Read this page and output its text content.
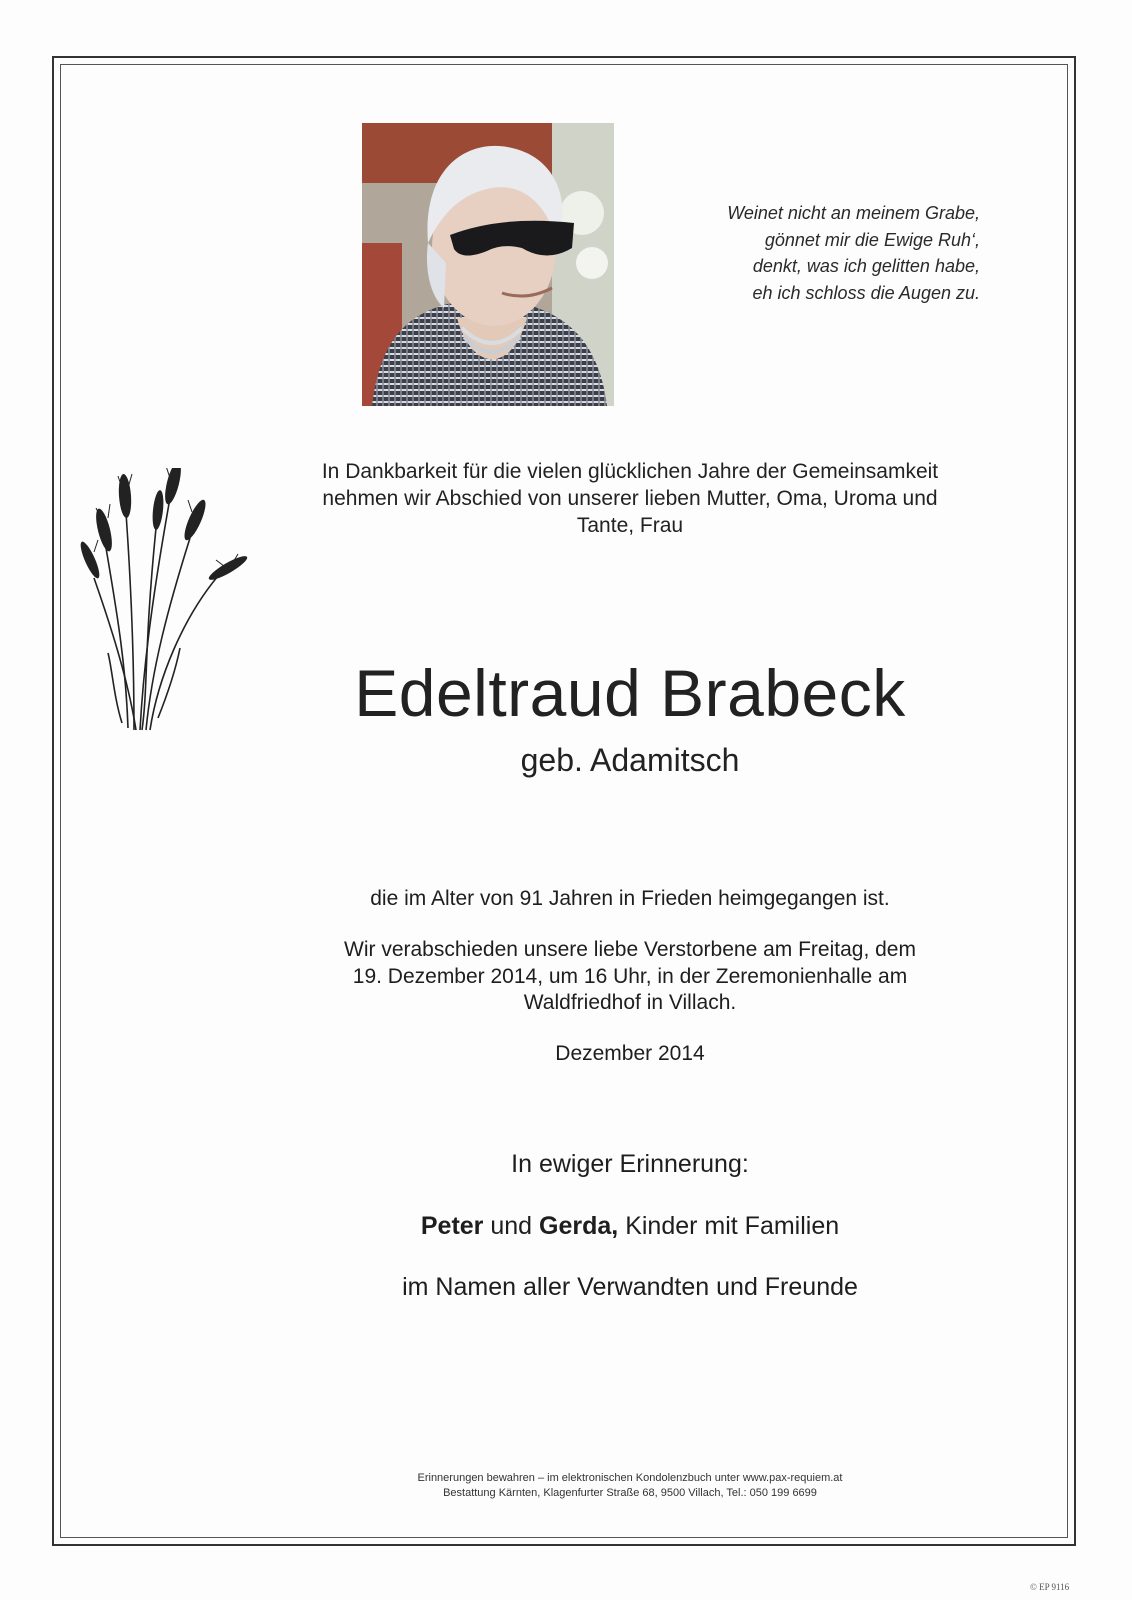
Weinet nicht an meinem Grabe,
gönnet mir die Ewige Ruh‘,
denkt, was ich gelitten habe,
eh ich schloss die Augen zu.
In Dankbarkeit für die vielen glücklichen Jahre der Gemeinsamkeit
nehmen wir Abschied von unserer lieben Mutter, Oma, Uroma und
Tante, Frau
Edeltraud Brabeck
geb. Adamitsch
die im Alter von 91 Jahren in Frieden heimgegangen ist.
Wir verabschieden unsere liebe Verstorbene am Freitag, dem
19. Dezember 2014, um 16 Uhr, in der Zeremonienhalle am
Waldfriedhof in Villach.
Dezember 2014
In ewiger Erinnerung:
Peter und Gerda, Kinder mit Familien
im Namen aller Verwandten und Freunde
Erinnerungen bewahren – im elektronischen Kondolenzbuch unter www.pax-requiem.at
Bestattung Kärnten, Klagenfurter Straße 68, 9500 Villach, Tel.: 050 199 6699
© EP 9116
